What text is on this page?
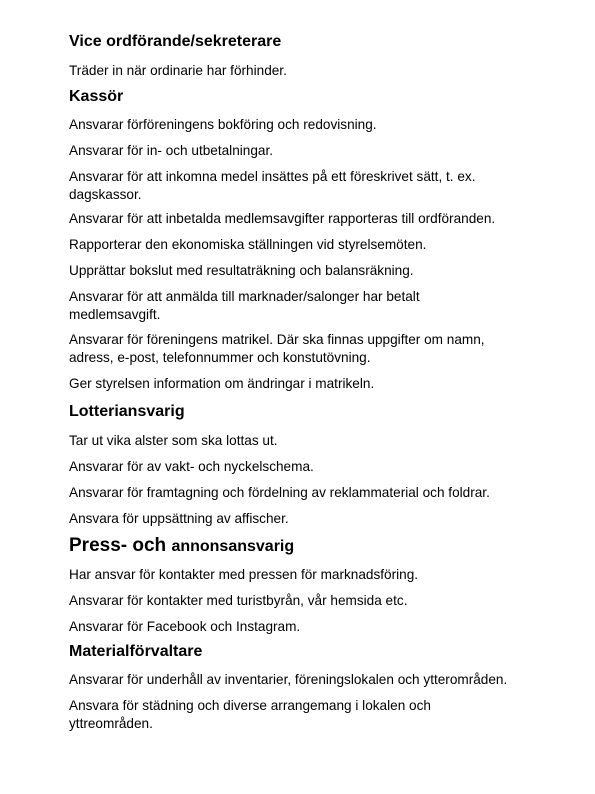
Vice ordförande/sekreterare

Träder in när ordinarie har förhinder.

Kassör

Ansvarar förföreningens bokföring och redovisning.

Ansvarar för in- och utbetalningar.

Ansvarar för att inkomna medel insättes på ett föreskrivet sätt, t. ex.
dagskassor.

Ansvarar för att inbetalda medlemsavgifter rapporteras till ordföranden.

Rapporterar den ekonomiska ställningen vid styrelsemöten.

Upprättar bokslut med resultaträkning och balansräkning.

Ansvarar för att anmälda till marknader/salonger har betalt
medlemsavgift.

Ansvarar för föreningens matrikel. Där ska finnas uppgifter om namn,
adress, e-post, telefonnummer och konstutövning.

Ger styrelsen information om ändringar i matrikeln.

Lotteriansvarig

Tar ut vika alster som ska lottas ut.

Ansvarar för av vakt- och nyckelschema.

Ansvarar för framtagning och fördelning av reklammaterial och foldrar.

Ansvara för uppsättning av affischer.

Press- och annonsansvarig

Har ansvar för kontakter med pressen för marknadsföring.

Ansvarar för kontakter med turistbyrån, vår hemsida etc.

Ansvarar för Facebook och Instagram.

Materialförvaltare

Ansvarar för underhåll av inventarier, föreningslokalen och ytterområden.

Ansvara för städning och diverse arrangemang i lokalen och
yttreområden.
